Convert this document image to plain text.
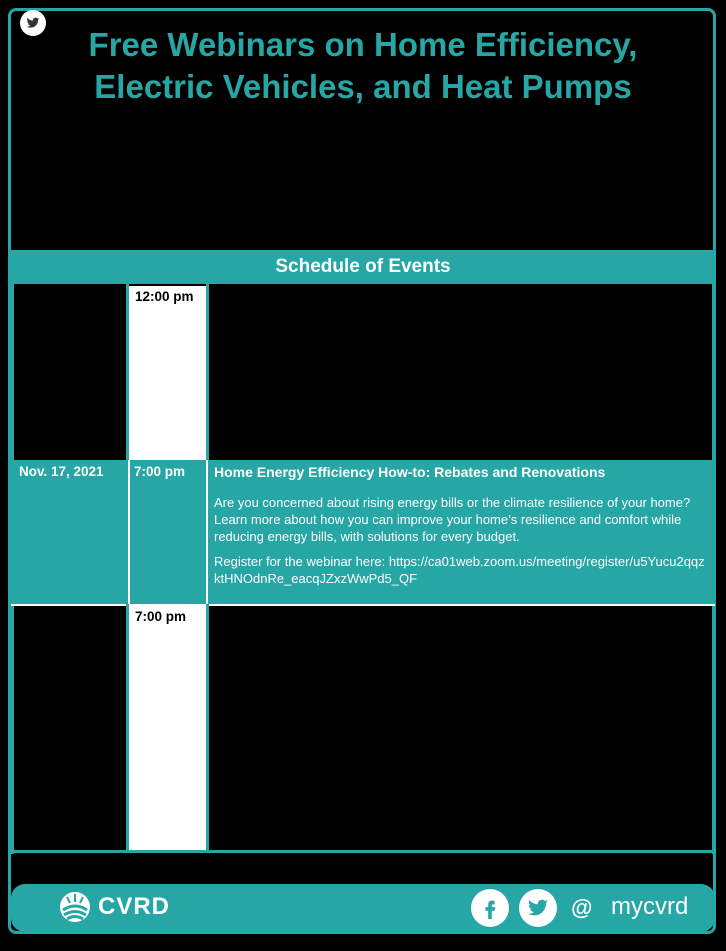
Free Webinars on Home Efficiency,
Electric Vehicles, and Heat Pumps
Schedule of Events
12:00 pm
Nov. 17, 2021 7:00 pm Home Energy Efficiency How-to: Rebates and Renovations
Are you concerned about rising energy bills or the climate resilience of your home? Learn more about how you can improve your home’s resilience and comfort while reducing energy bills, with solutions for every budget.
Register for the webinar here: https://ca01web.zoom.us/meeting/register/u5Yucu2qqzktHNOdnRe_eacqJZxzWwPd5_QF
7:00 pm
CVRD	@ mycvrd
